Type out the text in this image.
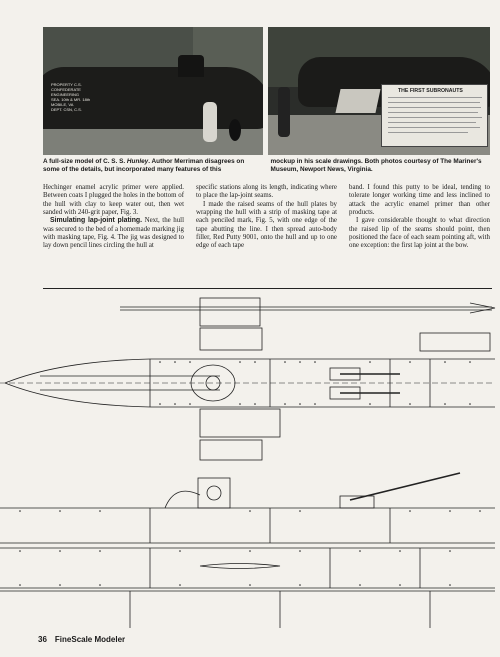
PROPERTY C.S.
CONFEDERATE
ENGINEERING
SEA. 10th & MR. 18th
MOBILE, VA
DEPT. CSN, C.S.
THE FIRST SUBRONAUTS
A full-size model of C. S. S. Hunley. Author Merriman disagrees on some of the details, but incorporated many features of this
mockup in his scale drawings. Both photos courtesy of The Mariner's Museum, Newport News, Virginia.

Hechinger enamel acrylic primer were applied. Between coats I plugged the holes in the bottom of the hull with clay to keep water out, then wet sanded with 240-grit paper, Fig. 3.

Simulating lap-joint plating. Next, the hull was secured to the bed of a homemade marking jig with masking tape, Fig. 4. The jig was designed to lay down pencil lines circling the hull at

specific stations along its length, indicating where to place the lap-joint seams.

I made the raised seams of the hull plates by wrapping the hull with a strip of masking tape at each penciled mark, Fig. 5, with one edge of the tape abutting the line. I then spread auto-body filler, Red Putty 9001, onto the hull and up to one edge of each tape

band. I found this putty to be ideal, tending to tolerate longer working time and less inclined to attack the acrylic enamel primer than other products.

I gave considerable thought to what direction the raised lip of the seams should point, then positioned the face of each seam pointing aft, with one exception: the first lap joint at the bow.

36 FineScale Modeler
